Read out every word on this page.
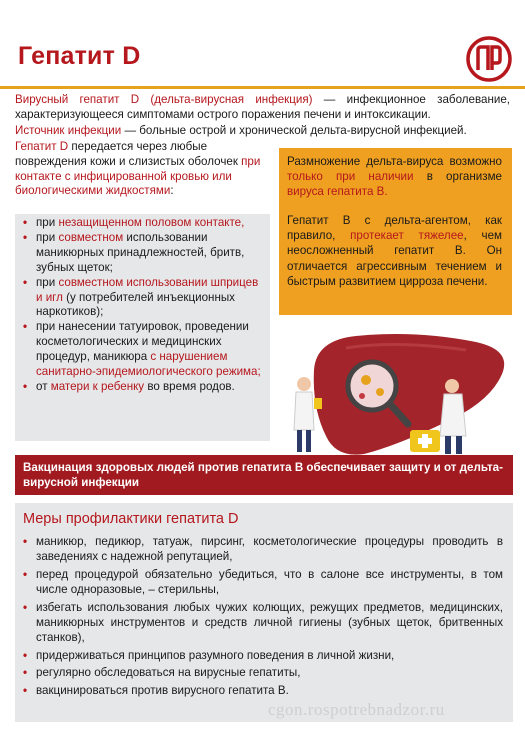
Гепатит D
Вирусный гепатит D (дельта-вирусная инфекция) — инфекционное заболевание, характеризующееся симптомами острого поражения печени и интоксикации.
Источник инфекции — больные острой и хронической дельта-вирусной инфекцией.
Гепатит D передается через любые повреждения кожи и слизистых оболочек при контакте с инфицированной кровью или биологическими жидкостями:
• при незащищенном половом контакте,
• при совместном использовании маникюрных принадлежностей, бритв, зубных щеток;
• при совместном использовании шприцев и игл (у потребителей инъекционных наркотиков);
• при нанесении татуировок, проведении косметологических и медицинских процедур, маникюра с нарушением санитарно-эпидемиологического режима;
• от матери к ребенку во время родов.

Размножение дельта-вируса возможно только при наличии в организме вируса гепатита В.

Гепатит В с дельта-агентом, как правило, протекает тяжелее, чем неосложненный гепатит В. Он отличается агрессивным течением и быстрым развитием цирроза печени.

Вакцинация здоровых людей против гепатита В обеспечивает защиту и от дельта-вирусной инфекции
Меры профилактики гепатита D
• маникюр, педикюр, татуаж, пирсинг, косметологические процедуры проводить в заведениях с надежной репутацией,
• перед процедурой обязательно убедиться, что в салоне все инструменты, в том числе одноразовые, – стерильны,
• избегать использования любых чужих колющих, режущих предметов, медицинских, маникюрных инструментов и средств личной гигиены (зубных щеток, бритвенных станков),
• придерживаться принципов разумного поведения в личной жизни,
• регулярно обследоваться на вирусные гепатиты,
• вакцинироваться против вирусного гепатита В.
cgon.rospotrebnadzor.ru
